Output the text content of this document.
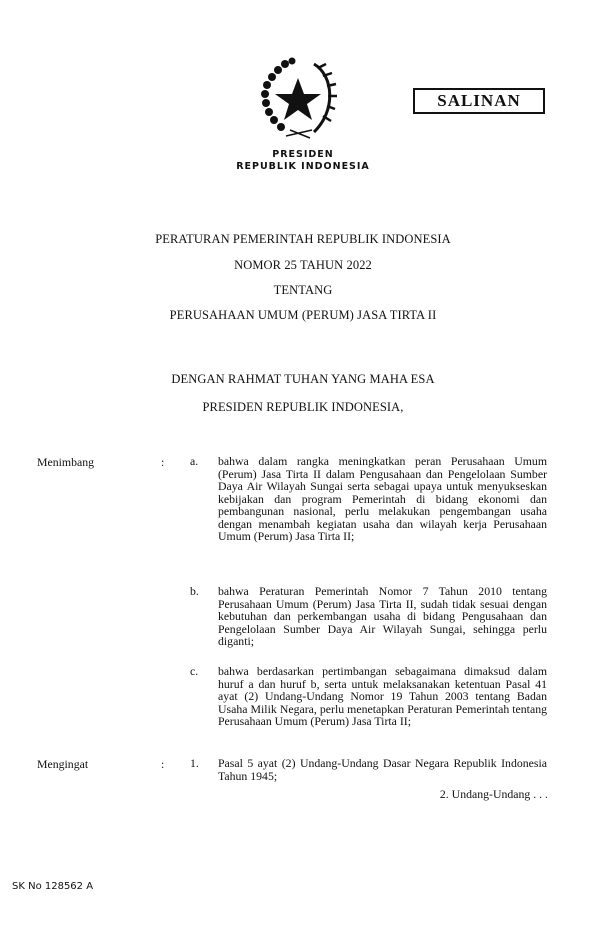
SALINAN
PRESIDEN
REPUBLIK INDONESIA
PERATURAN PEMERINTAH REPUBLIK INDONESIA
NOMOR 25 TAHUN 2022
TENTANG
PERUSAHAAN UMUM (PERUM) JASA TIRTA II
DENGAN RAHMAT TUHAN YANG MAHA ESA
PRESIDEN REPUBLIK INDONESIA,
Menimbang	: a. bahwa dalam rangka meningkatkan peran Perusahaan Umum (Perum) Jasa Tirta II dalam Pengusahaan dan Pengelolaan Sumber Daya Air Wilayah Sungai serta sebagai upaya untuk menyukseskan kebijakan dan program Pemerintah di bidang ekonomi dan pembangunan nasional, perlu melakukan pengembangan usaha dengan menambah kegiatan usaha dan wilayah kerja Perusahaan Umum (Perum) Jasa Tirta II;
b. bahwa Peraturan Pemerintah Nomor 7 Tahun 2010 tentang Perusahaan Umum (Perum) Jasa Tirta II, sudah tidak sesuai dengan kebutuhan dan perkembangan usaha di bidang Pengusahaan dan Pengelolaan Sumber Daya Air Wilayah Sungai, sehingga perlu diganti;
c. bahwa berdasarkan pertimbangan sebagaimana dimaksud dalam huruf a dan huruf b, serta untuk melaksanakan ketentuan Pasal 41 ayat (2) Undang-Undang Nomor 19 Tahun 2003 tentang Badan Usaha Milik Negara, perlu menetapkan Peraturan Pemerintah tentang Perusahaan Umum (Perum) Jasa Tirta II;
Mengingat	: 1. Pasal 5 ayat (2) Undang-Undang Dasar Negara Republik Indonesia Tahun 1945;
2. Undang-Undang . . .
SK No 128562 A
